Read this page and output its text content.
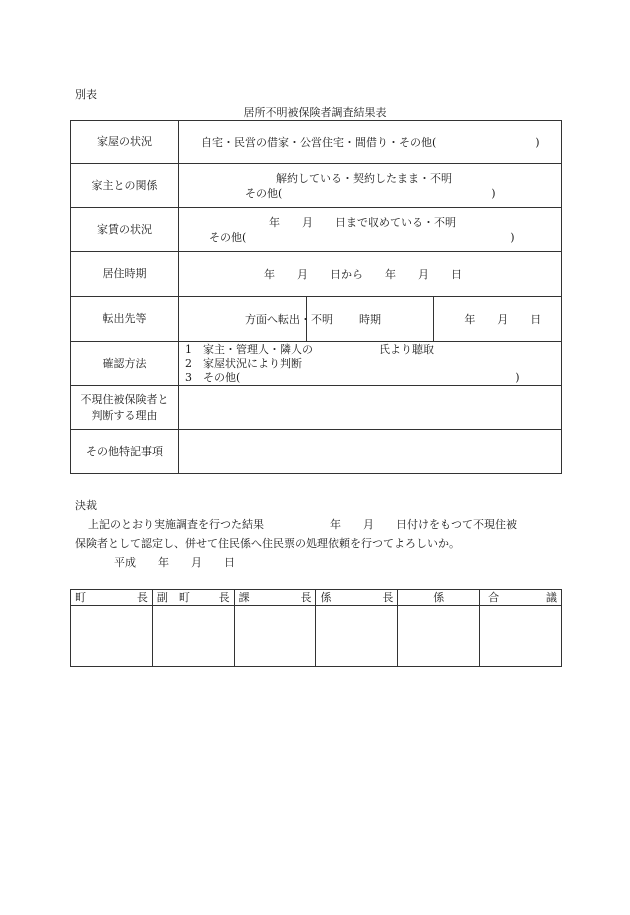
別表
居所不明被保険者調査結果表
家屋の状況	自宅・民営の借家・公営住宅・間借り・その他(　　　　　　　　　)		

家主との関係	解約している・契約したまま・不明
その他(　　　　　　　　　　　　　　　　　　　)		

家賃の状況	年　　月　　日まで収めている・不明
その他(　　　　　　　　　　　　　　　　　　　　　　　　)		

居住時期	年　　月　　日から　　年　　月　　日		

転出先等	方面へ転出・不明	時期	年　　月　　日

確認方法	1　家主・管理人・隣人の　　　　　　氏より聴取
2　家屋状況により判断
3　その他(　　　　　　　　　　　　　　　　　　　　　　　　　)		

不現住被保険者と
判断する理由			

その他特記事項			
決裁
上記のとおり実施調査を行つた結果　　　　　　年　　月　　日付けをもつて不現住被
保険者として認定し、併せて住民係へ住民票の処理依頼を行つてよろしいか。
平成　　年　　月　　日
町 長	副　町 長	課 長	係 長	係	合 議
